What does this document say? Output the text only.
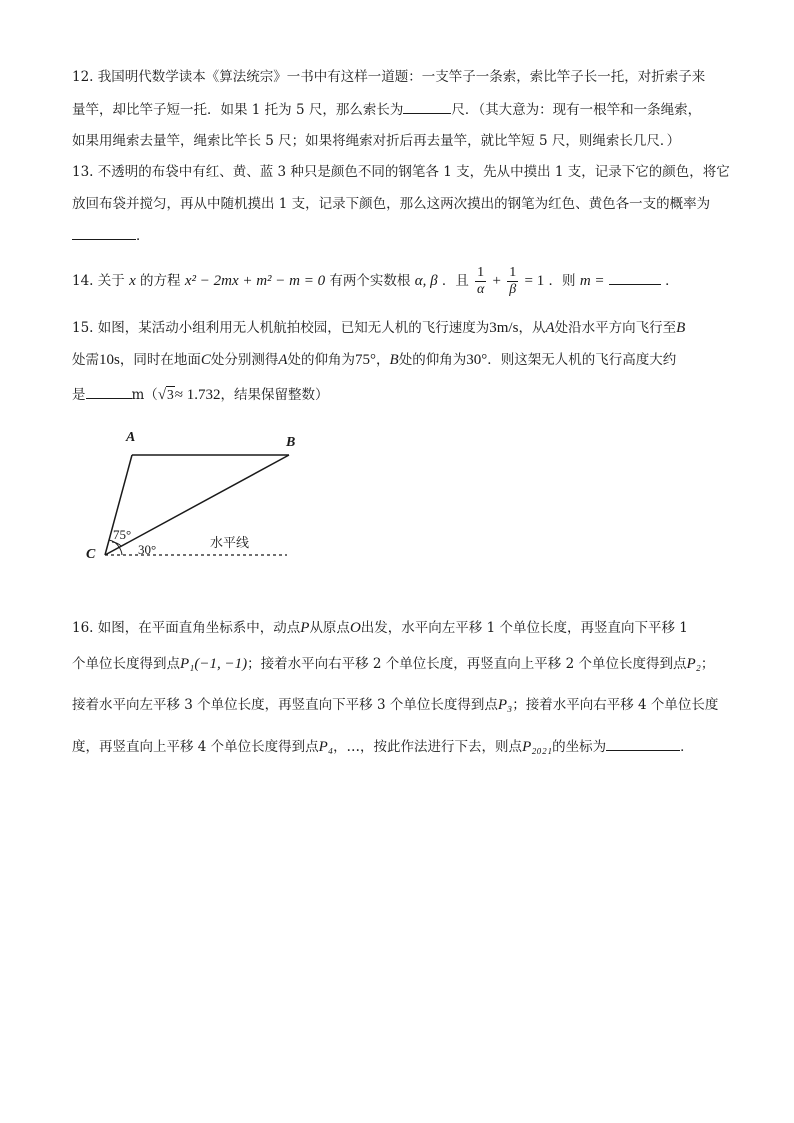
12. 我国明代数学读本《算法统宗》一书中有这样一道题：一支竿子一条索，索比竿子长一托，对折索子来
量竿，却比竿子短一托．如果 1 托为 5 尺，那么索长为	尺．（其大意为：现有一根竿和一条绳索，
如果用绳索去量竿，绳索比竿长 5 尺；如果将绳索对折后再去量竿，就比竿短 5 尺，则绳索长几尺．）
13. 不透明的布袋中有红、黄、蓝 3 种只是颜色不同的钢笔各 1 支，先从中摸出 1 支，记录下它的颜色，将它
放回布袋并搅匀，再从中随机摸出 1 支，记录下颜色，那么这两次摸出的钢笔为红色、黄色各一支的概率为
．
14. 关于 x 的方程 x² − 2mx + m² − m = 0 有两个实数根 α, β ．且 $\frac{1}{\alpha} + \frac{1}{\beta} = 1$ ．则 m =	．
15. 如图，某活动小组利用无人机航拍校园，已知无人机的飞行速度为3m/s，从A处沿水平方向飞行至B
处需10s，同时在地面C处分别测得A处的仰角为75°，B处的仰角为30°．则这架无人机的飞行高度大约
是	m（√3≈ 1.732，结果保留整数）
A	B
C
75°
30°	水平线
16. 如图，在平面直角坐标系中，动点P从原点O出发，水平向左平移 1 个单位长度，再竖直向下平移 1
个单位长度得到点P₁(−1, −1)；接着水平向右平移 2 个单位长度，再竖直向上平移 2 个单位长度得到点P₂；
接着水平向左平移 3 个单位长度，再竖直向下平移 3 个单位长度得到点P₃；接着水平向右平移 4 个单位长度
度，再竖直向上平移 4 个单位长度得到点P₄，…，按此作法进行下去，则点P₂₀₂₁的坐标为	．
